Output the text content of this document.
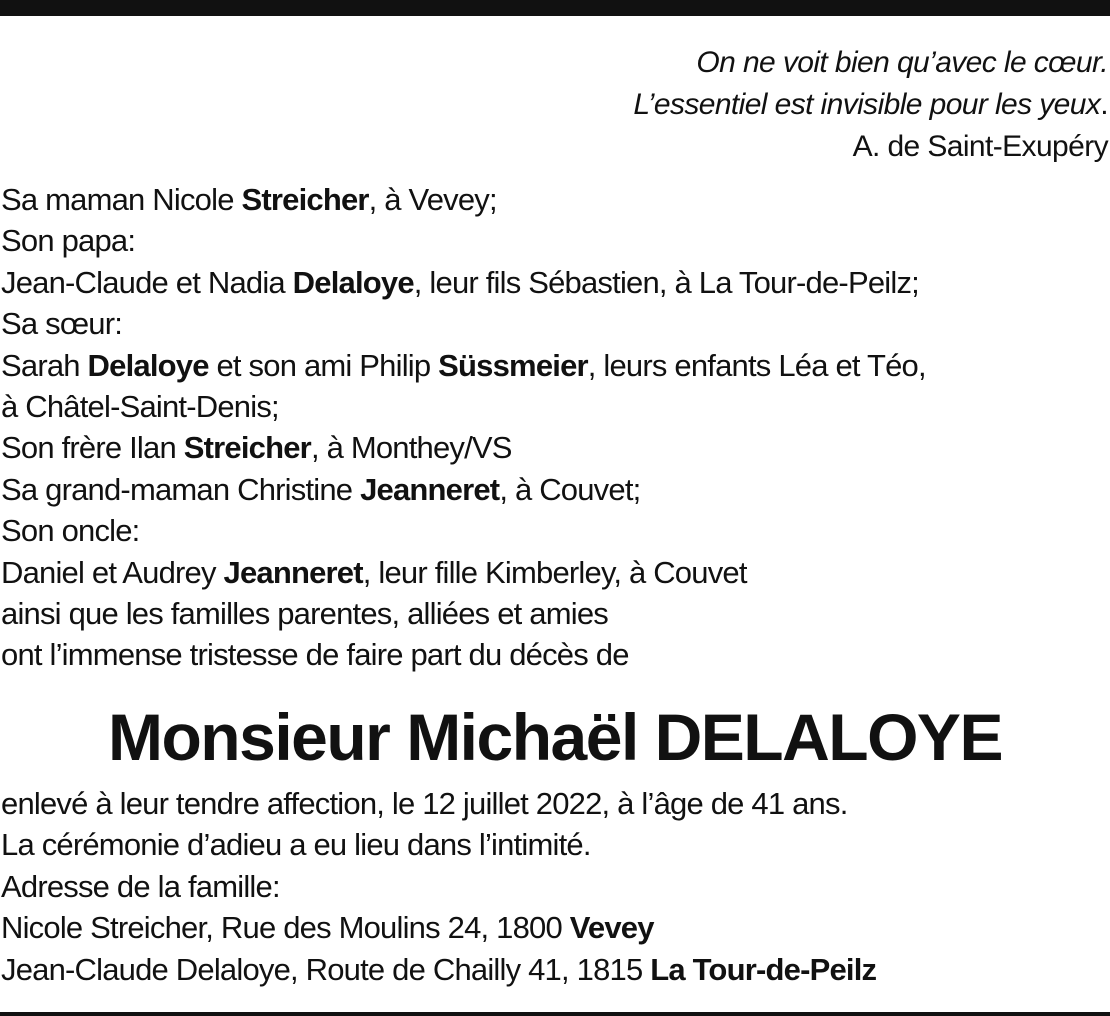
On ne voit bien qu’avec le cœur.
L’essentiel est invisible pour les yeux.
A. de Saint-Exupéry
Sa maman Nicole Streicher, à Vevey;
Son papa:
Jean-Claude et Nadia Delaloye, leur fils Sébastien, à La Tour-de-Peilz;
Sa sœur:
Sarah Delaloye et son ami Philip Süssmeier, leurs enfants Léa et Téo,
à Châtel-Saint-Denis;
Son frère Ilan Streicher, à Monthey/VS
Sa grand-maman Christine Jeanneret, à Couvet;
Son oncle:
Daniel et Audrey Jeanneret, leur fille Kimberley, à Couvet
ainsi que les familles parentes, alliées et amies
ont l’immense tristesse de faire part du décès de
Monsieur Michaël DELALOYE
enlevé à leur tendre affection, le 12 juillet 2022, à l’âge de 41 ans.
La cérémonie d’adieu a eu lieu dans l’intimité.
Adresse de la famille:
Nicole Streicher, Rue des Moulins 24, 1800 Vevey
Jean-Claude Delaloye, Route de Chailly 41, 1815 La Tour-de-Peilz
